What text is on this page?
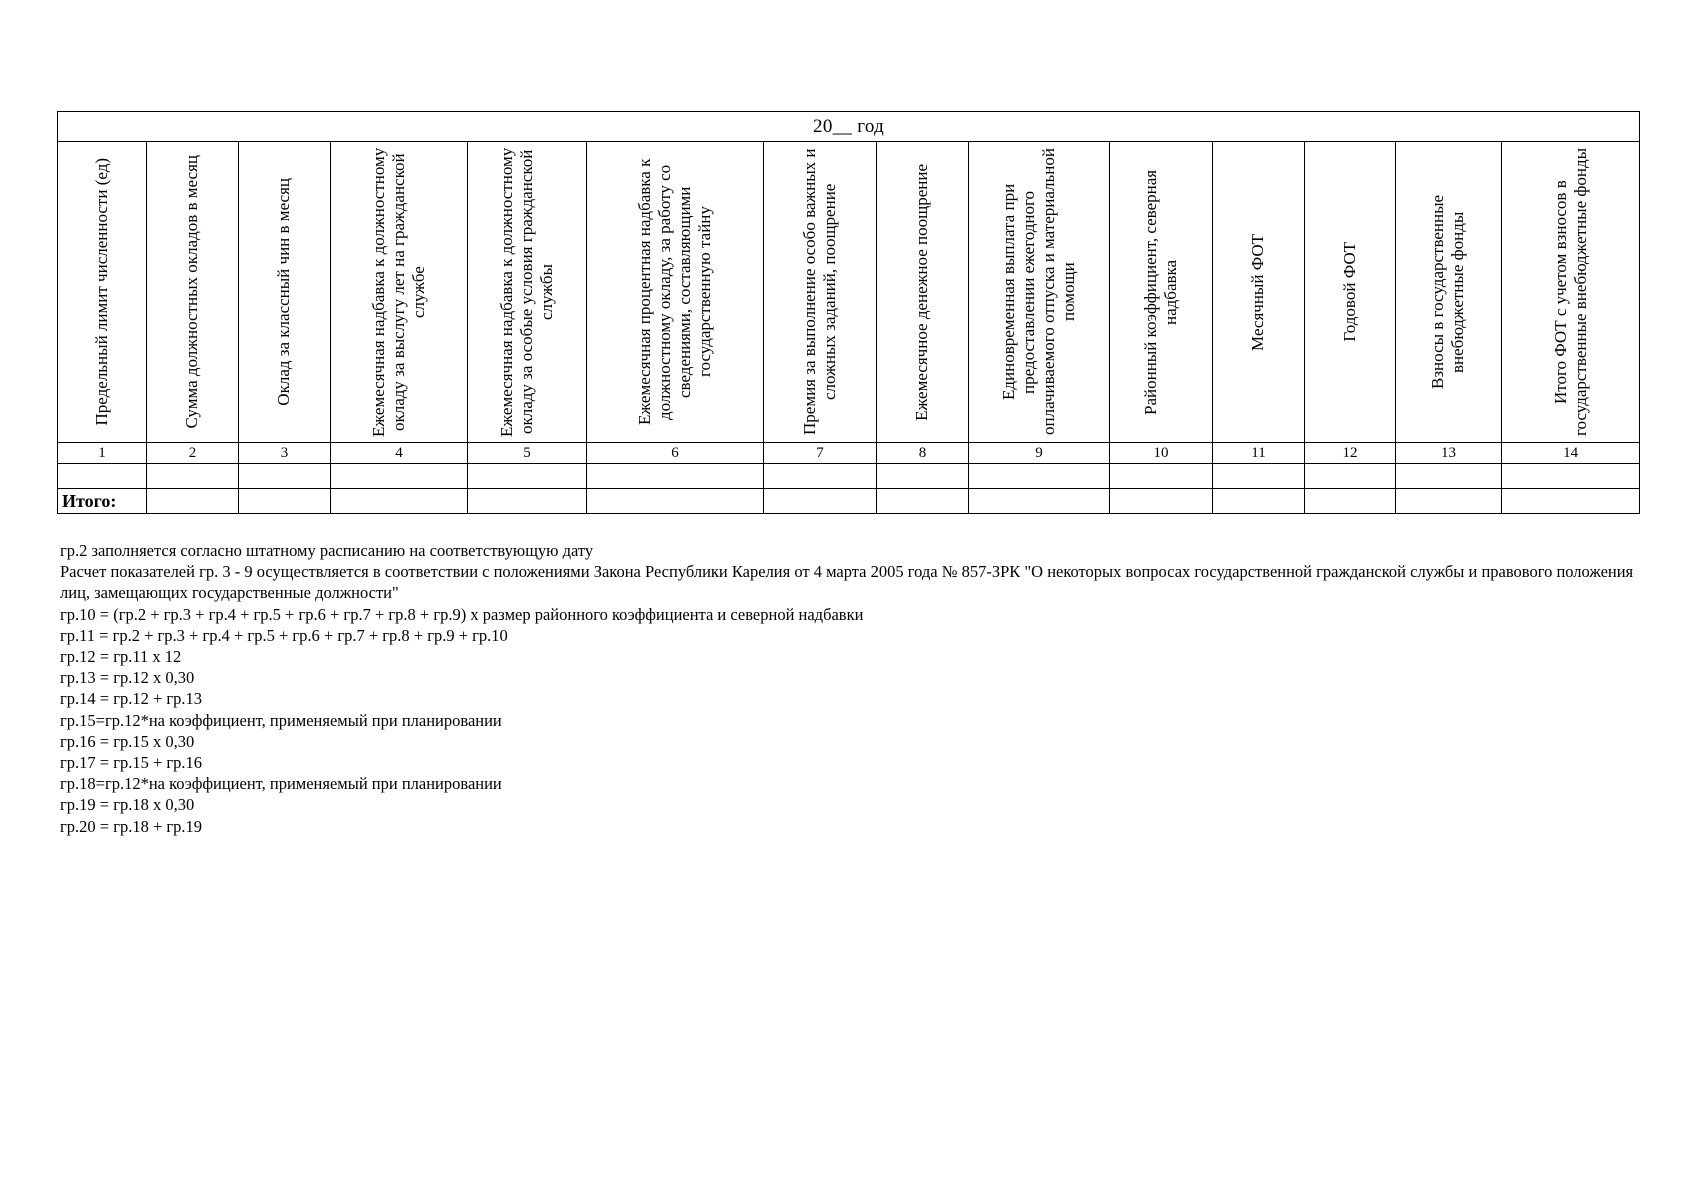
20__ год													

Предельный лимит численности (ед)	Сумма должностных окладов в месяц	Оклад за классный чин в месяц	Ежемесячная надбавка к должностному окладу за выслугу лет на гражданской службе	Ежемесячная надбавка к должностному окладу за особые условия гражданской службы	Ежемесячная процентная надбавка к должностному окладу, за работу со сведениями, составляющими государственную тайну	Премия за выполнение особо важных и сложных заданий, поощрение	Ежемесячное денежное поощрение	Единовременная выплата при предоставлении ежегодного оплачиваемого отпуска и материальной помощи	Районный коэффициент, северная надбавка	Месячный ФОТ	Годовой ФОТ	Взносы в государственные внебюджетные фонды	Итого ФОТ с учетом взносов в государственные внебюджетные фонды

1	2	3	4	5	6	7	8	9	10	11	12	13	14

Итого:													
гр.2 заполняется согласно штатному расписанию на соответствующую дату
Расчет показателей гр. 3 - 9 осуществляется в соответствии с положениями Закона Республики Карелия от 4 марта 2005 года № 857-ЗРК "О некоторых вопросах государственной гражданской службы и правового положения лиц, замещающих государственные должности"
гр.10 = (гр.2 + гр.3 + гр.4 + гр.5 + гр.6 + гр.7 + гр.8 + гр.9) х размер районного коэффициента и северной надбавки
гр.11 = гр.2 + гр.3 + гр.4 + гр.5 + гр.6 + гр.7 + гр.8 + гр.9 + гр.10
гр.12 = гр.11 х 12
гр.13 = гр.12 х 0,30
гр.14 = гр.12 + гр.13
гр.15=гр.12*на коэффициент, применяемый при планировании
гр.16 = гр.15 х 0,30
гр.17 = гр.15 + гр.16
гр.18=гр.12*на коэффициент, применяемый при планировании
гр.19 = гр.18 х 0,30
гр.20 = гр.18 + гр.19
